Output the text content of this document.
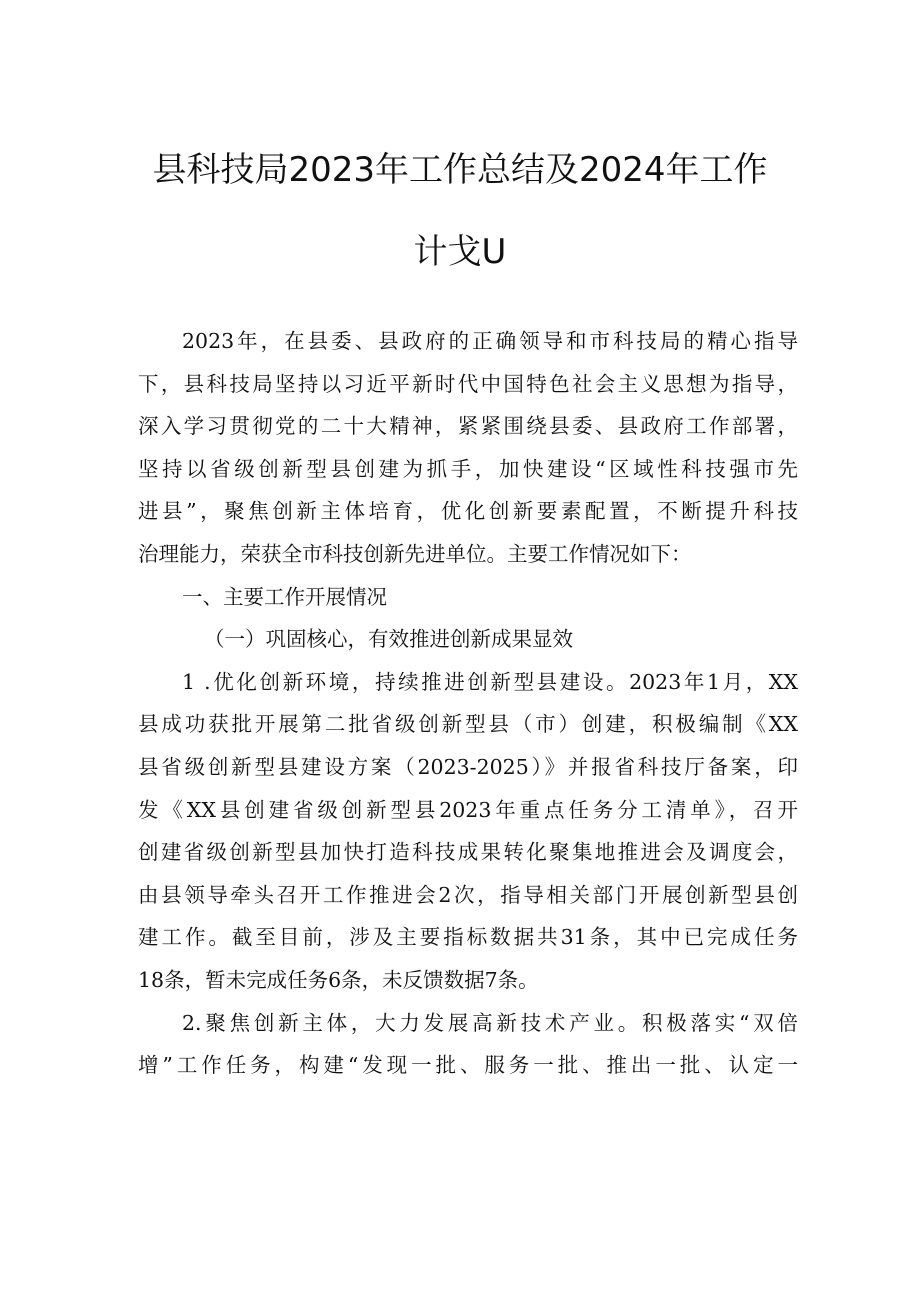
县科技局2023年工作总结及2024年工作
计戈U
2023年，在县委、县政府的正确领导和市科技局的精心指导
下，县科技局坚持以习近平新时代中国特色社会主义思想为指导，
深入学习贯彻党的二十大精神，紧紧围绕县委、县政府工作部署，
坚持以省级创新型县创建为抓手，加快建设“区域性科技强市先
进县”，聚焦创新主体培育，优化创新要素配置，不断提升科技
治理能力，荣获全市科技创新先进单位。主要工作情况如下：
一、主要工作开展情况
（一）巩固核心，有效推进创新成果显效
1 .优化创新环境，持续推进创新型县建设。2023年1月，XX
县成功获批开展第二批省级创新型县（市）创建，积极编制《XX
县省级创新型县建设方案（2023-2025）》并报省科技厅备案，印
发《XX县创建省级创新型县2023年重点任务分工清单》，召开
创建省级创新型县加快打造科技成果转化聚集地推进会及调度会，
由县领导牵头召开工作推进会2次，指导相关部门开展创新型县创
建工作。截至目前，涉及主要指标数据共31条，其中已完成任务
18条，暂未完成任务6条，未反馈数据7条。
2.聚焦创新主体，大力发展高新技术产业。积极落实“双倍
增”工作任务，构建“发现一批、服务一批、推出一批、认定一
